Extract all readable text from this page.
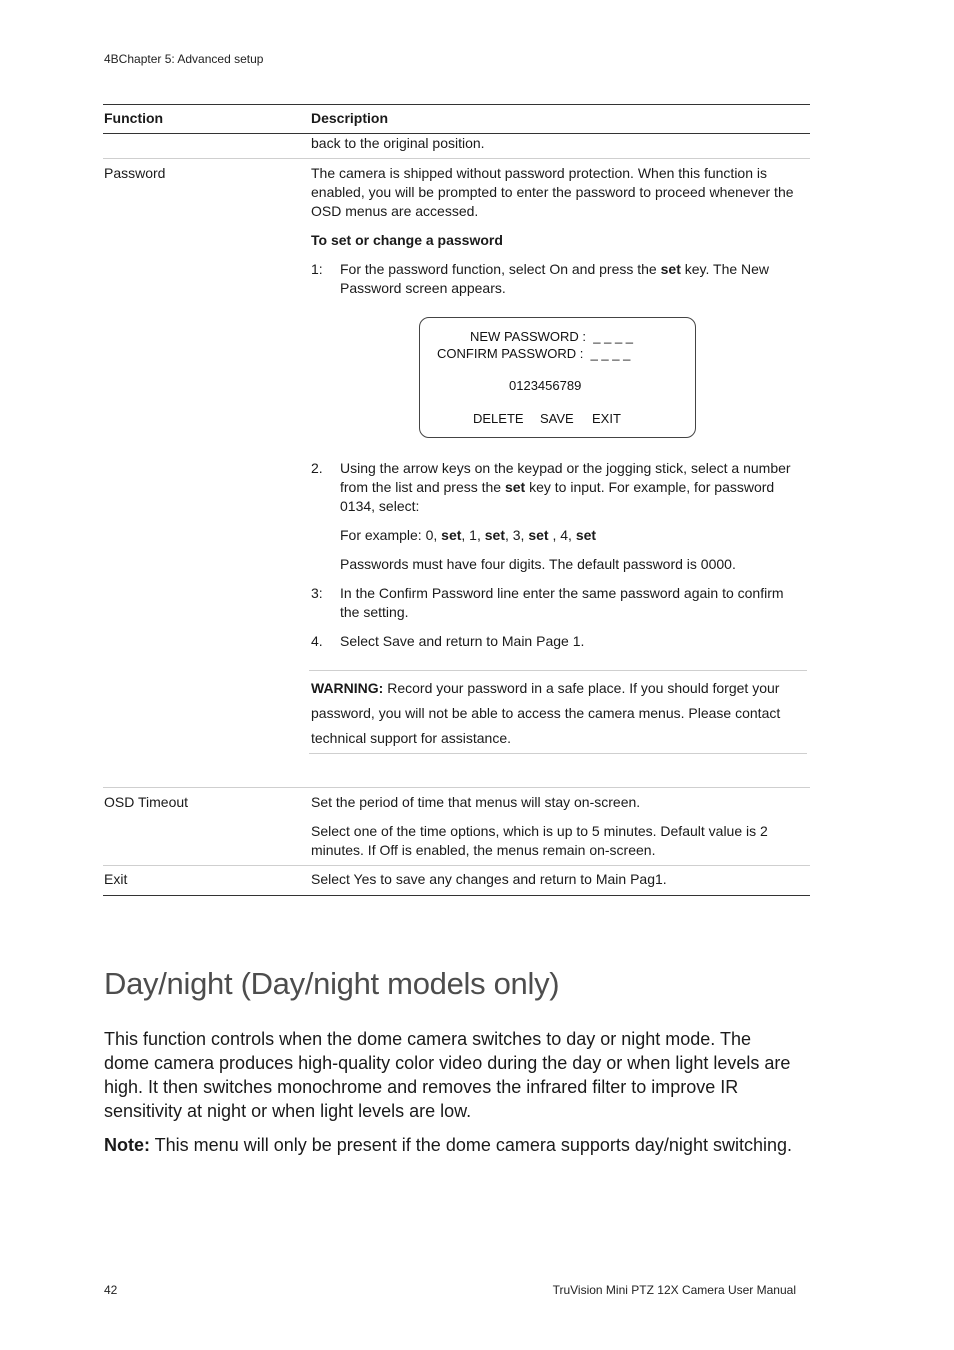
4BChapter 5: Advanced setup
Function	Description
back to the original position.
Password	The camera is shipped without password protection. When this function is enabled, you will be prompted to enter the password to proceed whenever the OSD menus are accessed.
To set or change a password
1: For the password function, select On and press the set key. The New Password screen appears.
NEW PASSWORD :  _ _ _ _
CONFIRM PASSWORD :  _ _ _ _
0123456789
DELETE SAVE EXIT
2. Using the arrow keys on the keypad or the jogging stick, select a number from the list and press the set key to input. For example, for password 0134, select:
For example: 0, set, 1, set, 3, set , 4, set
Passwords must have four digits. The default password is 0000.
3: In the Confirm Password line enter the same password again to confirm the setting.
4. Select Save and return to Main Page 1.
WARNING: Record your password in a safe place. If you should forget your password, you will not be able to access the camera menus. Please contact technical support for assistance.
OSD Timeout	Set the period of time that menus will stay on-screen.
Select one of the time options, which is up to 5 minutes. Default value is 2 minutes. If Off is enabled, the menus remain on-screen.
Exit	Select Yes to save any changes and return to Main Pag1.
Day/night (Day/night models only)
This function controls when the dome camera switches to day or night mode. The dome camera produces high-quality color video during the day or when light levels are high. It then switches monochrome and removes the infrared filter to improve IR sensitivity at night or when light levels are low.
Note: This menu will only be present if the dome camera supports day/night switching.
42	TruVision Mini PTZ 12X Camera User Manual
